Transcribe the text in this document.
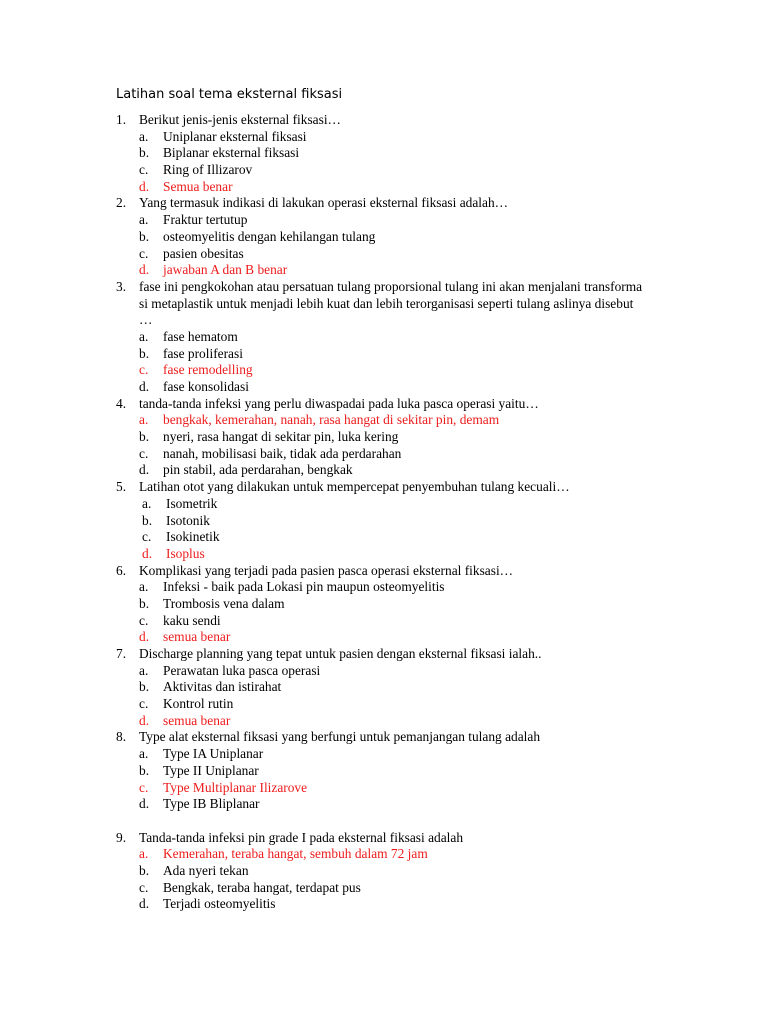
Latihan soal tema eksternal fiksasi
1. Berikut jenis-jenis eksternal fiksasi…
a. Uniplanar eksternal fiksasi
b. Biplanar eksternal fiksasi
c. Ring of Illizarov
d. Semua benar
2. Yang termasuk indikasi di lakukan operasi eksternal fiksasi adalah…
a. Fraktur tertutup
b. osteomyelitis dengan kehilangan tulang
c. pasien obesitas
d. jawaban A dan B benar
3. fase ini pengkokohan atau persatuan tulang proporsional tulang ini akan menjalani transforma
si metaplastik untuk menjadi lebih kuat dan lebih terorganisasi seperti tulang aslinya disebut
…
a. fase hematom
b. fase proliferasi
c. fase remodelling
d. fase konsolidasi
4. tanda-tanda infeksi yang perlu diwaspadai pada luka pasca operasi yaitu…
a. bengkak, kemerahan, nanah, rasa hangat di sekitar pin, demam
b. nyeri, rasa hangat di sekitar pin, luka kering
c. nanah, mobilisasi baik, tidak ada perdarahan
d. pin stabil, ada perdarahan, bengkak
5. Latihan otot yang dilakukan untuk mempercepat penyembuhan tulang kecuali…
a. Isometrik
b. Isotonik
c. Isokinetik
d. Isoplus
6. Komplikasi yang terjadi pada pasien pasca operasi eksternal fiksasi…
a. Infeksi - baik pada Lokasi pin maupun osteomyelitis
b. Trombosis vena dalam
c. kaku sendi
d. semua benar
7. Discharge planning yang tepat untuk pasien dengan eksternal fiksasi ialah..
a. Perawatan luka pasca operasi
b. Aktivitas dan istirahat
c. Kontrol rutin
d. semua benar
8. Type alat eksternal fiksasi yang berfungi untuk pemanjangan tulang adalah
a. Type IA Uniplanar
b. Type II Uniplanar
c. Type Multiplanar Ilizarove
d. Type IB Bliplanar
9. Tanda-tanda infeksi pin grade I pada eksternal fiksasi adalah
a. Kemerahan, teraba hangat, sembuh dalam 72 jam
b. Ada nyeri tekan
c. Bengkak, teraba hangat, terdapat pus
d. Terjadi osteomyelitis
